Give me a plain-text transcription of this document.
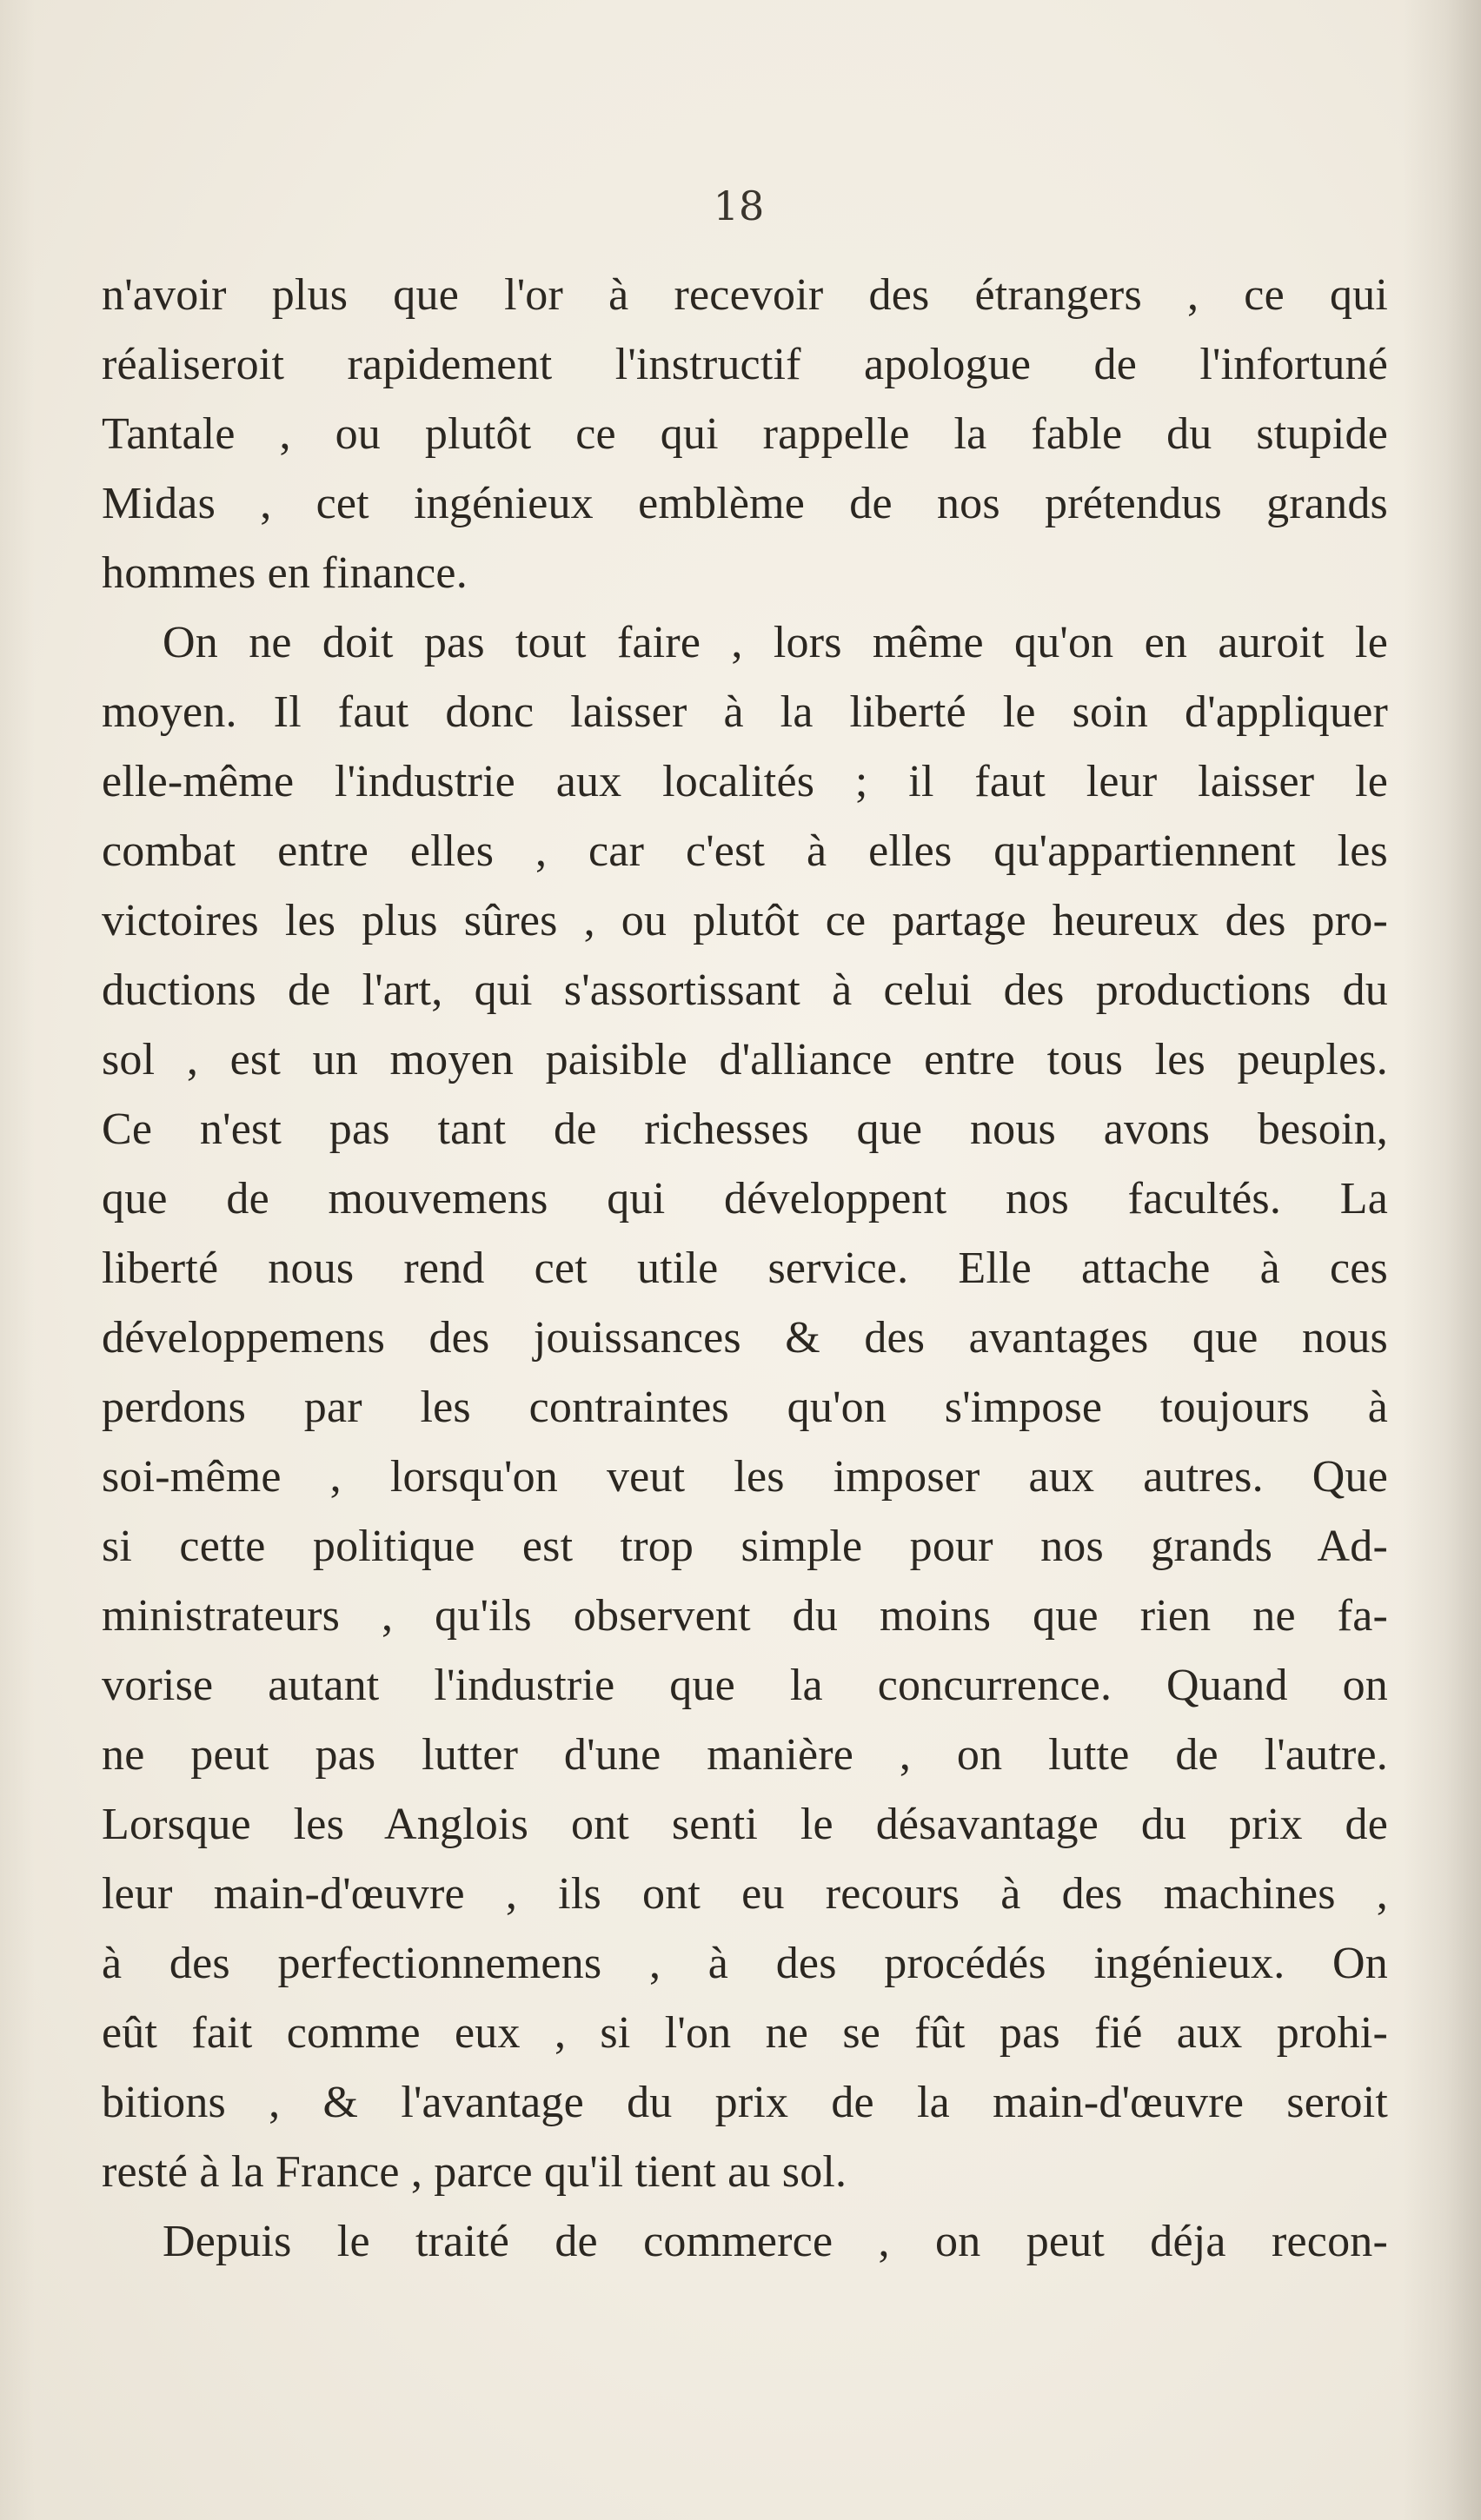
18
n'avoir plus que l'or à recevoir des étrangers , ce qui
réaliseroit rapidement l'instructif apologue de l'infortuné
Tantale , ou plutôt ce qui rappelle la fable du stupide
Midas , cet ingénieux emblème de nos prétendus grands
hommes en finance.
On ne doit pas tout faire , lors même qu'on en auroit le
moyen. Il faut donc laisser à la liberté le soin d'appliquer
elle-même l'industrie aux localités ; il faut leur laisser le
combat entre elles , car c'est à elles qu'appartiennent les
victoires les plus sûres , ou plutôt ce partage heureux des pro-
ductions de l'art, qui s'assortissant à celui des productions du
sol , est un moyen paisible d'alliance entre tous les peuples.
Ce n'est pas tant de richesses que nous avons besoin,
que de mouvemens qui développent nos facultés. La
liberté nous rend cet utile service. Elle attache à ces
développemens des jouissances & des avantages que nous
perdons par les contraintes qu'on s'impose toujours à
soi-même , lorsqu'on veut les imposer aux autres. Que
si cette politique est trop simple pour nos grands Ad-
ministrateurs , qu'ils observent du moins que rien ne fa-
vorise autant l'industrie que la concurrence. Quand on
ne peut pas lutter d'une manière , on lutte de l'autre.
Lorsque les Anglois ont senti le désavantage du prix de
leur main-d'œuvre , ils ont eu recours à des machines ,
à des perfectionnemens , à des procédés ingénieux. On
eût fait comme eux , si l'on ne se fût pas fié aux prohi-
bitions , & l'avantage du prix de la main-d'œuvre seroit
resté à la France , parce qu'il tient au sol.
Depuis le traité de commerce , on peut déja recon-
